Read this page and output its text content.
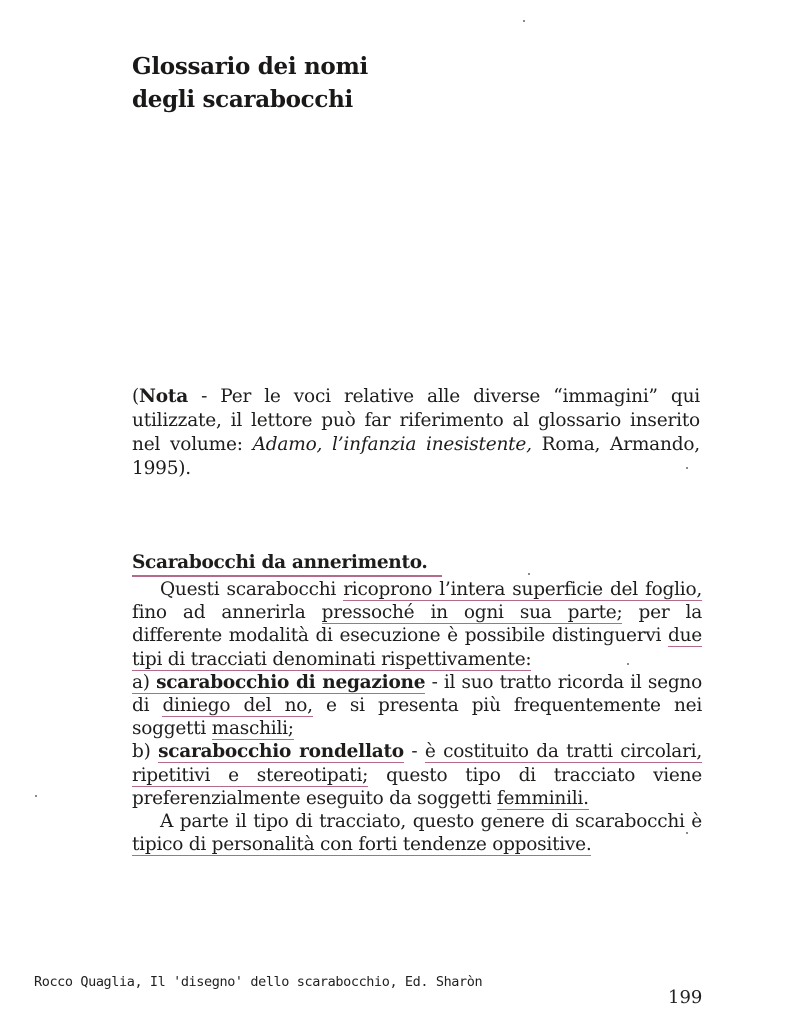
Glossario dei nomi
degli scarabocchi

(Nota - Per le voci relative alle diverse “immagini” qui utilizzate, il lettore può far riferimento al glossario inserito nel volume: Adamo, l’infanzia inesistente, Roma, Armando, 1995).

Scarabocchi da annerimento.

Questi scarabocchi ricoprono l’intera superficie del foglio, fino ad annerirla pressoché in ogni sua parte; per la differente modalità di esecuzione è possibile distinguervi due tipi di tracciati denominati rispettivamente:

a) scarabocchio di negazione - il suo tratto ricorda il segno di diniego del no, e si presenta più frequentemente nei soggetti maschili;

b) scarabocchio rondellato - è costituito da tratti circolari, ripetitivi e stereotipati; questo tipo di tracciato viene preferenzialmente eseguito da soggetti femminili.

A parte il tipo di tracciato, questo genere di scarabocchi è tipico di personalità con forti tendenze oppositive.

Rocco Quaglia, Il 'disegno' dello scarabocchio, Ed. Sharòn

199
